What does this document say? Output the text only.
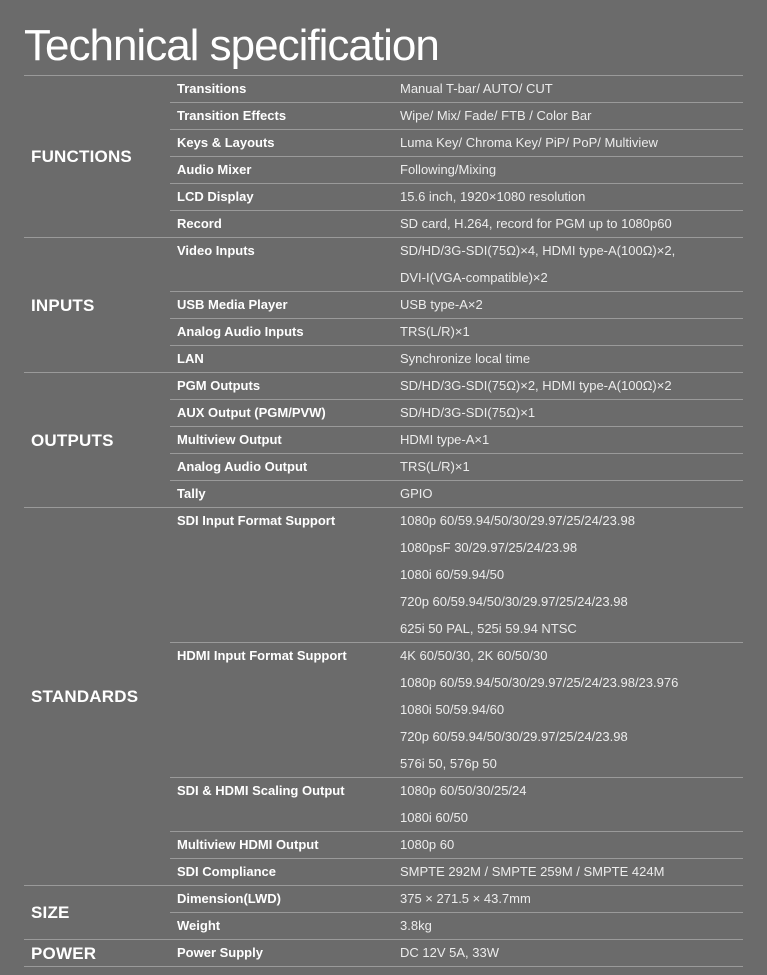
Technical specification
Transitions	Manual T-bar/ AUTO/ CUT
Transition Effects	Wipe/ Mix/ Fade/ FTB / Color Bar
Keys & Layouts	Luma Key/ Chroma Key/ PiP/ PoP/ Multiview
Audio Mixer	Following/Mixing
LCD Display	15.6 inch, 1920×1080 resolution
Record	SD card, H.264, record for PGM up to 1080p60
FUNCTIONS
Video Inputs	SD/HD/3G-SDI(75Ω)×4, HDMI type-A(100Ω)×2,
DVI-I(VGA-compatible)×2
USB Media Player	USB type-A×2
Analog Audio Inputs	TRS(L/R)×1
LAN	Synchronize local time
INPUTS
PGM Outputs	SD/HD/3G-SDI(75Ω)×2, HDMI type-A(100Ω)×2
AUX Output (PGM/PVW)	SD/HD/3G-SDI(75Ω)×1
Multiview Output	HDMI type-A×1
Analog Audio Output	TRS(L/R)×1
Tally	GPIO
OUTPUTS
SDI Input Format Support	1080p 60/59.94/50/30/29.97/25/24/23.98
1080psF 30/29.97/25/24/23.98
1080i 60/59.94/50
720p 60/59.94/50/30/29.97/25/24/23.98
625i 50 PAL, 525i 59.94 NTSC
HDMI Input Format Support	4K 60/50/30, 2K 60/50/30
1080p 60/59.94/50/30/29.97/25/24/23.98/23.976
1080i 50/59.94/60
720p 60/59.94/50/30/29.97/25/24/23.98
576i 50, 576p 50
SDI & HDMI Scaling Output	1080p 60/50/30/25/24
1080i 60/50
Multiview HDMI Output	1080p 60
SDI Compliance	SMPTE 292M / SMPTE 259M / SMPTE 424M
STANDARDS
Dimension(LWD)	375 × 271.5 × 43.7mm
Weight	3.8kg
SIZE
Power Supply	DC 12V 5A, 33W
POWER
